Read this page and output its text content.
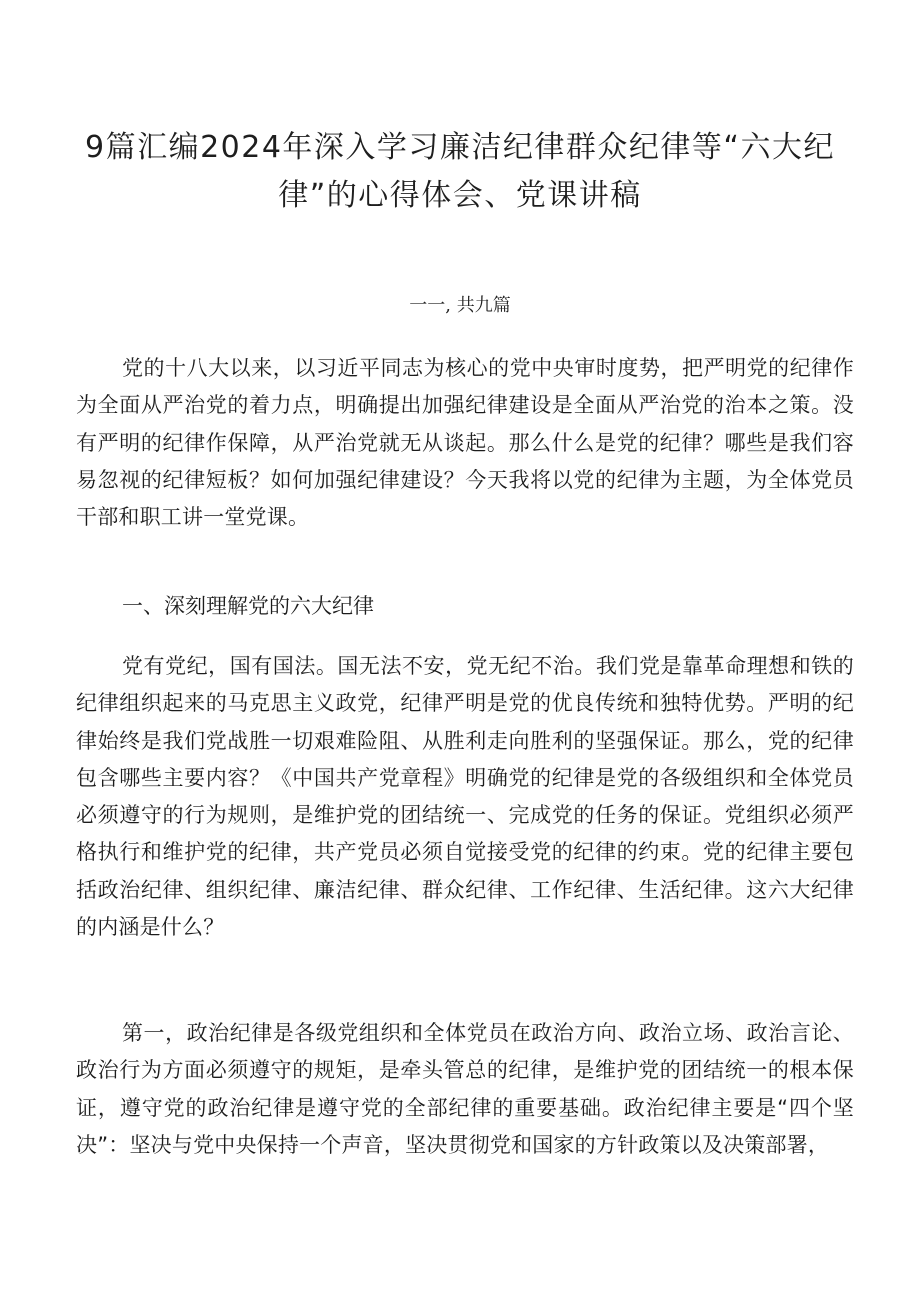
9篇汇编2024年深入学习廉洁纪律群众纪律等“六大纪律”的心得体会、党课讲稿

一一, 共九篇

党的十八大以来，以习近平同志为核心的党中央审时度势，把严明党的纪律作为全面从严治党的着力点，明确提出加强纪律建设是全面从严治党的治本之策。没有严明的纪律作保障，从严治党就无从谈起。那么什么是党的纪律？哪些是我们容易忽视的纪律短板？如何加强纪律建设？今天我将以党的纪律为主题，为全体党员干部和职工讲一堂党课。

一、深刻理解党的六大纪律

党有党纪，国有国法。国无法不安，党无纪不治。我们党是靠革命理想和铁的纪律组织起来的马克思主义政党，纪律严明是党的优良传统和独特优势。严明的纪律始终是我们党战胜一切艰难险阻、从胜利走向胜利的坚强保证。那么，党的纪律包含哪些主要内容？《中国共产党章程》明确党的纪律是党的各级组织和全体党员必须遵守的行为规则，是维护党的团结统一、完成党的任务的保证。党组织必须严格执行和维护党的纪律，共产党员必须自觉接受党的纪律的约束。党的纪律主要包括政治纪律、组织纪律、廉洁纪律、群众纪律、工作纪律、生活纪律。这六大纪律的内涵是什么？

第一，政治纪律是各级党组织和全体党员在政治方向、政治立场、政治言论、政治行为方面必须遵守的规矩，是牵头管总的纪律，是维护党的团结统一的根本保证，遵守党的政治纪律是遵守党的全部纪律的重要基础。政治纪律主要是“四个坚决”：坚决与党中央保持一个声音，坚决贯彻党和国家的方针政策以及决策部署，
